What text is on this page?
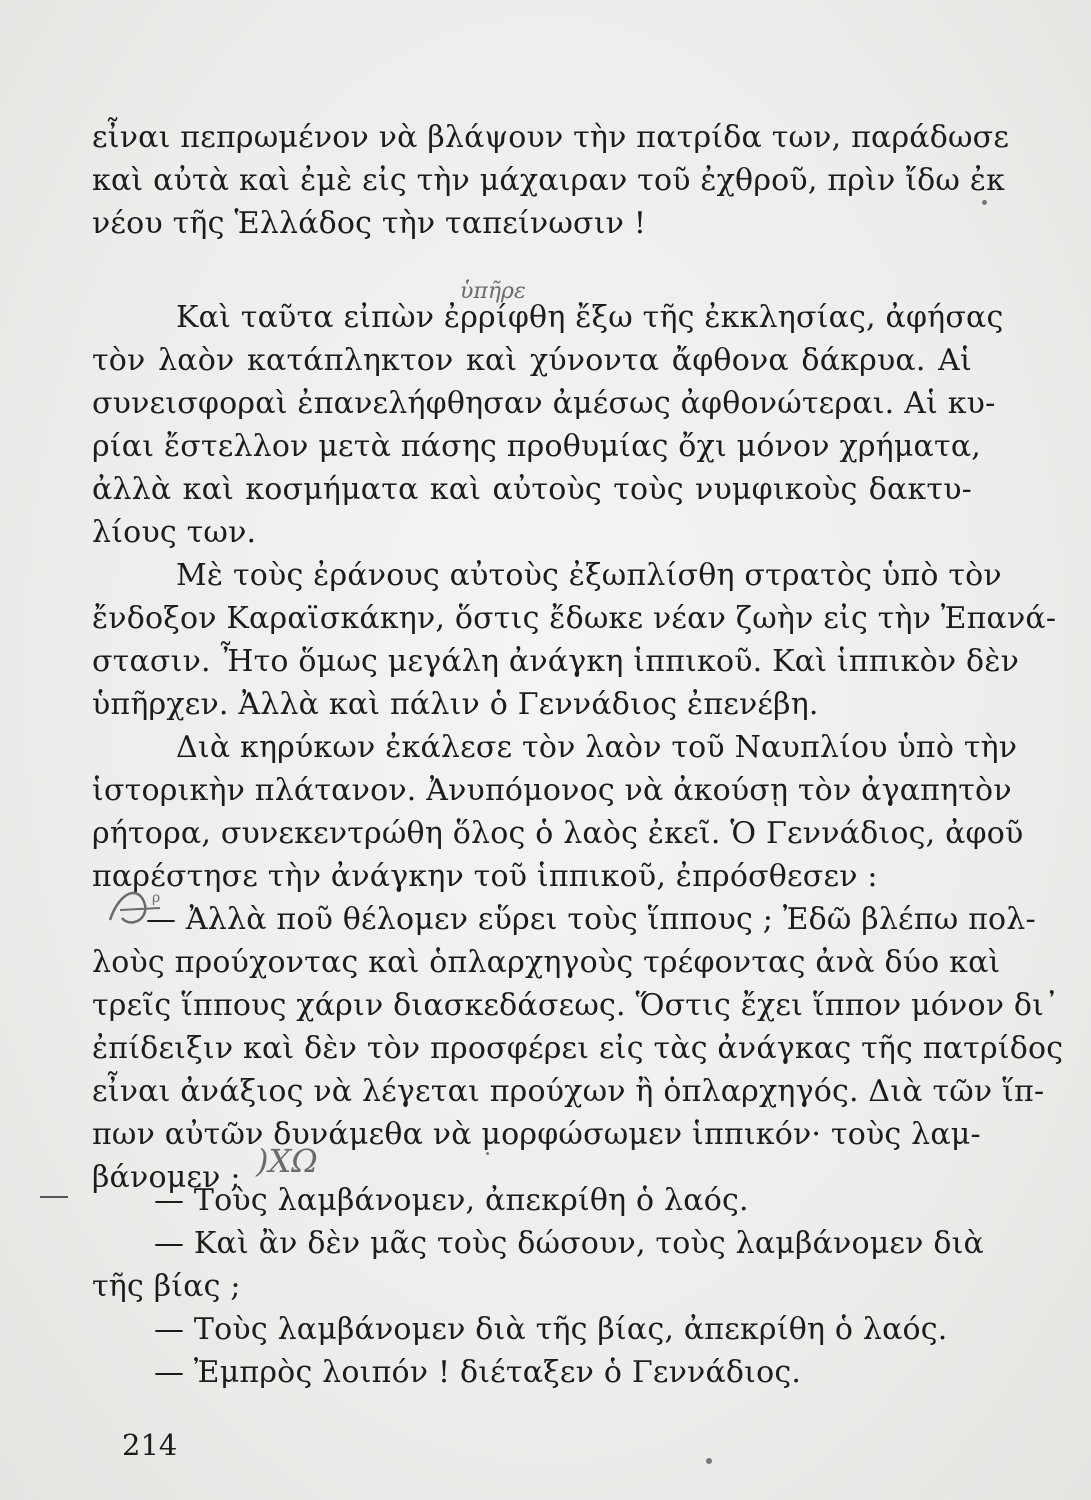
εἶναι πεπρωμένον νὰ βλάψουν τὴν πατρίδα των, παράδωσε
καὶ αὐτὰ καὶ ἐμὲ εἰς τὴν μάχαιραν τοῦ ἐχθροῦ, πρὶν ἴδω ἐκ
νέου τῆς Ἑλλάδος τὴν ταπείνωσιν !
Καὶ ταῦτα εἰπὼν ἐρρίφθη ἔξω τῆς ἐκκλησίας, ἀφήσας
τὸν λαὸν κατάπληκτον καὶ χύνοντα ἄφθονα δάκρυα. Αἱ
συνεισφοραὶ ἐπανελήφθησαν ἀμέσως ἀφθονώτεραι. Αἱ κυ-
ρίαι ἔστελλον μετὰ πάσης προθυμίας ὄχι μόνον χρήματα,
ἀλλὰ καὶ κοσμήματα καὶ αὐτοὺς τοὺς νυμφικοὺς δακτυ-
λίους των.
Μὲ τοὺς ἐράνους αὐτοὺς ἐξωπλίσθη στρατὸς ὑπὸ τὸν
ἔνδοξον Καραϊσκάκην, ὅστις ἔδωκε νέαν ζωὴν εἰς τὴν Ἐπανά-
στασιν. Ἦτο ὅμως μεγάλη ἀνάγκη ἱππικοῦ. Καὶ ἱππικὸν δὲν
ὑπῆρχεν. Ἀλλὰ καὶ πάλιν ὁ Γεννάδιος ἐπενέβη.
Διὰ κηρύκων ἐκάλεσε τὸν λαὸν τοῦ Ναυπλίου ὑπὸ τὴν
ἱστορικὴν πλάτανον. Ἀνυπόμονος νὰ ἀκούσῃ τὸν ἀγαπητὸν
ρήτορα, συνεκεντρώθη ὅλος ὁ λαὸς ἐκεῖ. Ὁ Γεννάδιος, ἀφοῦ
παρέστησε τὴν ἀνάγκην τοῦ ἱππικοῦ, ἐπρόσθεσεν :
— Ἀλλὰ ποῦ θέλομεν εὕρει τοὺς ἵππους ; Ἐδῶ βλέπω πολ-
λοὺς προύχοντας καὶ ὁπλαρχηγοὺς τρέφοντας ἀνὰ δύο καὶ
τρεῖς ἵππους χάριν διασκεδάσεως. Ὅστις ἔχει ἵππον μόνον δι᾽
ἐπίδειξιν καὶ δὲν τὸν προσφέρει εἰς τὰς ἀνάγκας τῆς πατρίδος
εἶναι ἀνάξιος νὰ λέγεται προύχων ἢ ὁπλαρχηγός. Διὰ τῶν ἵπ-
πων αὐτῶν δυνάμεθα νὰ μορφώσωμεν ἱππικόν· τοὺς λαμ-
βάνομεν ;
— Τοὺς λαμβάνομεν, ἀπεκρίθη ὁ λαός.
— Καὶ ἂν δὲν μᾶς τοὺς δώσουν, τοὺς λαμβάνομεν διὰ
τῆς βίας ;
— Τοὺς λαμβάνομεν διὰ τῆς βίας, ἀπεκρίθη ὁ λαός.
— Ἐμπρὸς λοιπόν ! διέταξεν ὁ Γεννάδιος.
ὑπῆρε
ρ
)ΧΩ
214
